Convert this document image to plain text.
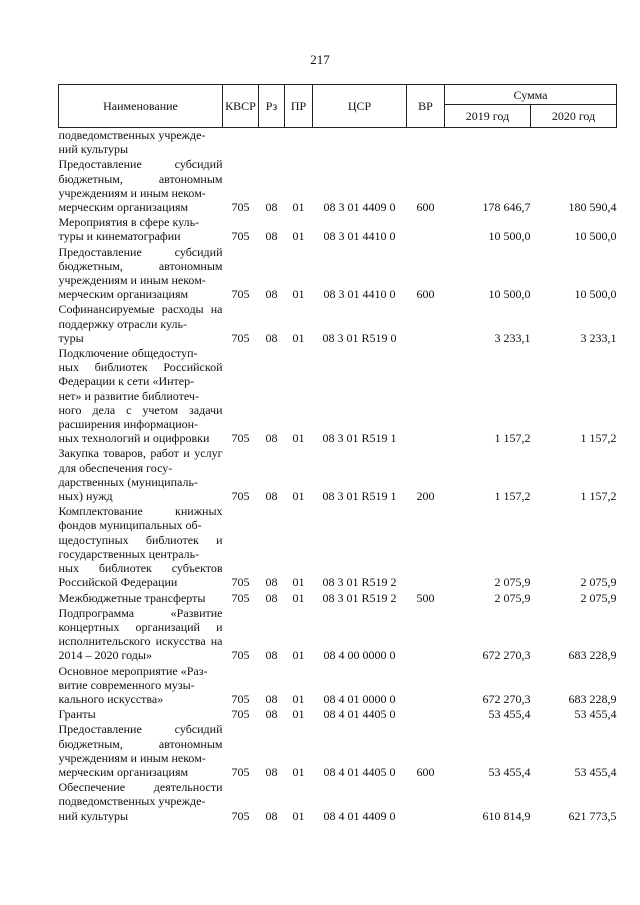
217
Наименование	КВСР	Рз	ПР	ЦСР	ВР	Сумма	
						2019 год	2020 год
подведомственных учрежде-
ний культуры							
Предоставление субсидий бюджетным, автономным учреждениям и иным неком-
мерческим организациям	705	08	01	08 3 01 4409 0	600	178 646,7	180 590,4
Мероприятия в сфере куль-
туры и кинематографии	705	08	01	08 3 01 4410 0		10 500,0	10 500,0
Предоставление субсидий бюджетным, автономным учреждениям и иным неком-
мерческим организациям	705	08	01	08 3 01 4410 0	600	10 500,0	10 500,0
Софинансируемые расходы на поддержку отрасли куль-
туры	705	08	01	08 3 01 R519 0		3 233,1	3 233,1
Подключение общедоступ-
ных библиотек Российской Федерации к сети «Интер-
нет» и развитие библиотеч-
ного дела с учетом задачи расширения информацион-
ных технологий и оцифровки	705	08	01	08 3 01 R519 1		1 157,2	1 157,2
Закупка товаров, работ и услуг для обеспечения госу-
дарственных (муниципаль-
ных) нужд	705	08	01	08 3 01 R519 1	200	1 157,2	1 157,2
Комплектование книжных фондов муниципальных об-
щедоступных библиотек и государственных централь-
ных библиотек субъектов Российской Федерации	705	08	01	08 3 01 R519 2		2 075,9	2 075,9
Межбюджетные трансферты	705	08	01	08 3 01 R519 2	500	2 075,9	2 075,9
Подпрограмма «Развитие концертных организаций и исполнительского искусства на 2014 – 2020 годы»	705	08	01	08 4 00 0000 0		672 270,3	683 228,9
Основное мероприятие «Раз-
витие современного музы-
кального искусства»	705	08	01	08 4 01 0000 0		672 270,3	683 228,9
Гранты	705	08	01	08 4 01 4405 0		53 455,4	53 455,4
Предоставление субсидий бюджетным, автономным учреждениям и иным неком-
мерческим организациям	705	08	01	08 4 01 4405 0	600	53 455,4	53 455,4
Обеспечение деятельности подведомственных учрежде-
ний культуры	705	08	01	08 4 01 4409 0		610 814,9	621 773,5
